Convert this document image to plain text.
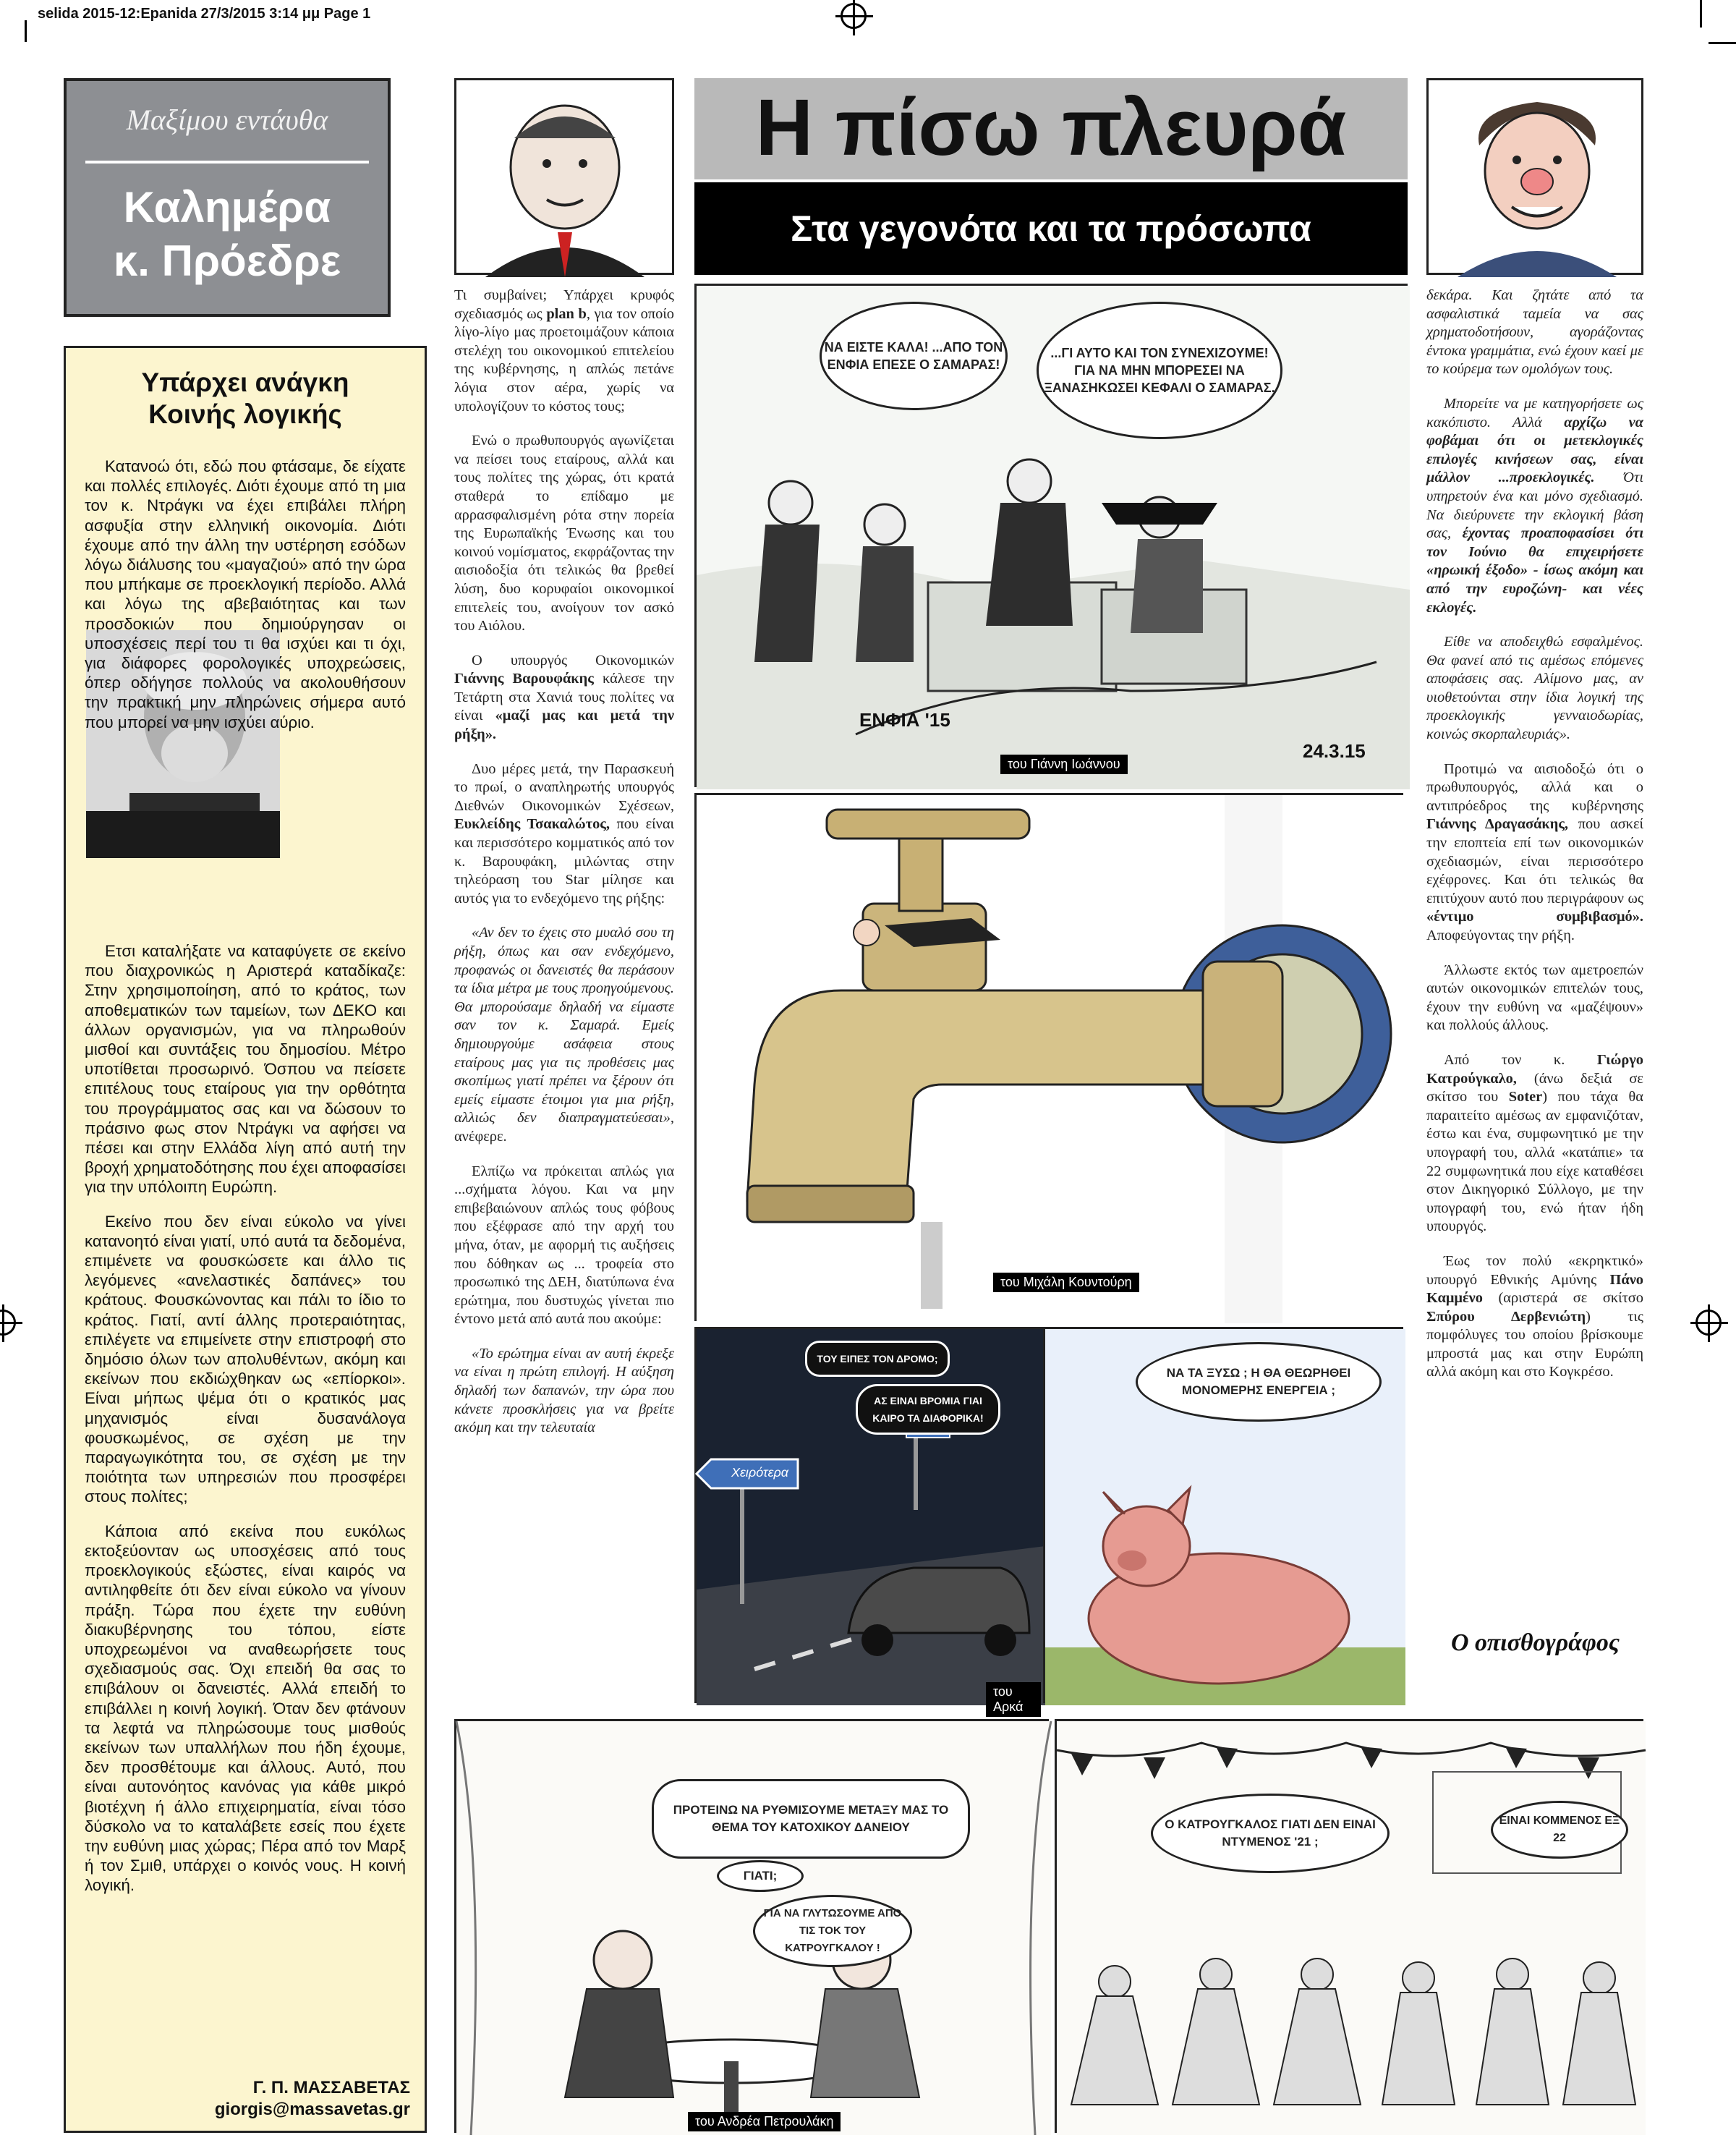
selida 2015-12:Epanida 27/3/2015 3:14 μμ Page 1
Μαξίμου εντάυθα
Καλημέρα
κ. Πρόεδρε
Υπάρχει ανάγκη
Κοινής λογικής

Κατανοώ ότι, εδώ που φτάσαμε, δε είχατε και πολλές επιλογές. Διότι έχουμε από τη μια τον κ. Ντράγκι να έχει επιβάλει πλήρη ασφυξία στην ελληνική οικονομία. Διότι έχουμε από την άλλη την υστέρηση εσόδων λόγω διάλυσης του «μαγαζιού» από την ώρα που μπήκαμε σε προεκλογική περίοδο. Αλλά και λόγω της αβεβαιότητας και των προσδοκιών που δημιούργησαν οι υποσχέσεις περί του τι θα ισχύει και τι όχι, για διάφορες φορολογικές υποχρεώσεις, όπερ οδήγησε πολλούς να ακολουθήσουν την πρακτική μην πληρώνεις σήμερα αυτό που μπορεί να μην ισχύει αύριο.

Ετσι καταλήξατε να καταφύγετε σε εκείνο που διαχρονικώς η Αριστερά καταδίκαζε: Στην χρησιμοποίηση, από το κράτος, των αποθεματικών των ταμείων, των ΔΕΚΟ και άλλων οργανισμών, για να πληρωθούν μισθοί και συντάξεις του δημοσίου. Μέτρο υποτίθεται προσωρινό. Όσπου να πείσετε επιτέλους τους εταίρους για την ορθότητα του προγράμματος σας και να δώσουν το πράσινο φως στον Ντράγκι να αφήσει να πέσει και στην Ελλάδα λίγη από αυτή την βροχή χρηματοδότησης που έχει αποφασίσει για την υπόλοιπη Ευρώπη.

Εκείνο που δεν είναι εύκολο να γίνει κατανοητό είναι γιατί, υπό αυτά τα δεδομένα, επιμένετε να φουσκώσετε και άλλο τις λεγόμενες «ανελαστικές δαπάνες» του κράτους. Φουσκώνοντας και πάλι το ίδιο το κράτος. Γιατί, αντί άλλης προτεραιότητας, επιλέγετε να επιμείνετε στην επιστροφή στο δημόσιο όλων των απολυθέντων, ακόμη και εκείνων που εκδιώχθηκαν ως «επίορκοι». Είναι μήπως ψέμα ότι ο κρατικός μας μηχανισμός είναι δυσανάλογα φουσκωμένος, σε σχέση με την παραγωγικότητα του, σε σχέση με την ποιότητα των υπηρεσιών που προσφέρει στους πολίτες;

Κάποια από εκείνα που ευκόλως εκτοξεύονταν ως υποσχέσεις από τους προεκλογικούς εξώστες, είναι καιρός να αντιληφθείτε ότι δεν είναι εύκολο να γίνουν πράξη. Τώρα που έχετε την ευθύνη διακυβέρνησης του τόπου, είστε υποχρεωμένοι να αναθεωρήσετε τους σχεδιασμούς σας. Όχι επειδή θα σας το επιβάλουν οι δανειστές. Αλλά επειδή το επιβάλλει η κοινή λογική. Όταν δεν φτάνουν τα λεφτά να πληρώσουμε τους μισθούς εκείνων των υπαλλήλων που ήδη έχουμε, δεν προσθέτουμε και άλλους. Αυτό, που είναι αυτονόητος κανόνας για κάθε μικρό βιοτέχνη ή άλλο επιχειρηματία, είναι τόσο δύσκολο να το καταλάβετε εσείς που έχετε την ευθύνη μιας χώρας; Πέρα από τον Μαρξ ή τον Σμιθ, υπάρχει ο κοινός νους. Η κοινή λογική.

Γ. Π. ΜΑΣΣΑΒΕΤΑΣ
giorgis@massavetas.gr
Η πίσω πλευρά
Στα γεγονότα και τα πρόσωπα

Τι συμβαίνει; Υπάρχει κρυφός σχεδιασμός ως plan b, για τον οποίο λίγο-λίγο μας προετοιμάζουν κάποια στελέχη του οικονομικού επιτελείου της κυβέρνησης, η απλώς πετάνε λόγια στον αέρα, χωρίς να υπολογίζουν το κόστος τους;

Ενώ ο πρωθυπουργός αγωνίζεται να πείσει τους εταίρους, αλλά και τους πολίτες της χώρας, ότι κρατά σταθερά το επίδαμο με αρρασφαλισμένη ρότα στην πορεία της Ευρωπαϊκής Ένωσης και του κοινού νομίσματος, εκφράζοντας την αισιοδοξία ότι τελικώς θα βρεθεί λύση, δυο κορυφαίοι οικονομικοί επιτελείς του, ανοίγουν τον ασκό του Αιόλου.

Ο υπουργός Οικονομικών Γιάννης Βαρουφάκης κάλεσε την Τετάρτη στα Χανιά τους πολίτες να είναι «μαζί μας και μετά την ρήξη».

Δυο μέρες μετά, την Παρασκευή το πρωί, ο αναπληρωτής υπουργός Διεθνών Οικονομικών Σχέσεων, Ευκλείδης Τσακαλώτος, που είναι και περισσότερο κομματικός από τον κ. Βαρουφάκη, μιλώντας στην τηλεόραση του Star μίλησε και αυτός για το ενδεχόμενο της ρήξης:

«Αν δεν το έχεις στο μυαλό σου τη ρήξη, όπως και σαν ενδεχόμενο, προφανώς οι δανειστές θα περάσουν τα ίδια μέτρα με τους προηγούμενους. Θα μπορούσαμε δηλαδή να είμαστε σαν τον κ. Σαμαρά. Εμείς δημιουργούμε ασάφεια στους εταίρους μας για τις προθέσεις μας σκοπίμως γιατί πρέπει να ξέρουν ότι εμείς είμαστε έτοιμοι για μια ρήξη, αλλιώς δεν διαπραγματεύεσαι», ανέφερε.

Ελπίζω να πρόκειται απλώς για ...σχήματα λόγου. Και να μην επιβεβαιώνουν απλώς τους φόβους που εξέφρασε από την αρχή του μήνα, όταν, με αφορμή τις αυξήσεις που δόθηκαν ως ... τροφεία στο προσωπικό της ΔΕΗ, διατύπωνα ένα ερώτημα, που δυστυχώς γίνεται πιο έντονο μετά από αυτά που ακούμε:

«Το ερώτημα είναι αν αυτή έκρεξε να είναι η πρώτη επιλογή. Η αύξηση δηλαδή των δαπανών, την ώρα που κάνετε προσκλήσεις για να βρείτε ακόμη και την τελευταία

δεκάρα. Και ζητάτε από τα ασφαλιστικά ταμεία να σας χρηματοδοτήσουν, αγοράζοντας έντοκα γραμμάτια, ενώ έχουν καεί με το κούρεμα των ομολόγων τους.

Μπορείτε να με κατηγορήσετε ως κακόπιστο. Αλλά αρχίζω να φοβάμαι ότι οι μετεκλογικές επιλογές κινήσεων σας, είναι μάλλον ...προεκλογικές. Ότι υπηρετούν ένα και μόνο σχεδιασμό. Να διεύρυνετε την εκλογική βάση σας, έχοντας προαποφασίσει ότι τον Ιούνιο θα επιχειρήσετε «ηρωική έξοδο» - ίσως ακόμη και από την ευροζώνη- και νέες εκλογές.

Είθε να αποδειχθώ εσφαλμένος. Θα φανεί από τις αμέσως επόμενες αποφάσεις σας. Αλίμονο μας, αν υιοθετούνται στην ίδια λογική της προεκλογικής γενναιοδωρίας, κοινώς σκορπαλευριάς».

Προτιμώ να αισιοδοξώ ότι ο πρωθυπουργός, αλλά και ο αντιπρόεδρος της κυβέρνησης Γιάννης Δραγασάκης, που ασκεί την εποπτεία επί των οικονομικών σχεδιασμών, είναι περισσότερο εχέφρονες. Και ότι τελικώς θα επιτύχουν αυτό που περιγράφουν ως «έντιμο συμβιβασμό». Αποφεύγοντας την ρήξη.

Άλλωστε εκτός των αμετροεπών αυτών οικονομικών επιτελών τους, έχουν την ευθύνη να «μαζέψουν» και πολλούς άλλους.

Από τον κ. Γιώργο Κατρούγκαλο, (άνω δεξιά σε σκίτσο του Soter) που τάχα θα παραιτείτο αμέσως αν εμφανιζόταν, έστω και ένα, συμφωνητικό με την υπογραφή του, αλλά «κατάπιε» τα 22 συμφωνητικά που είχε καταθέσει στον Δικηγορικό Σύλλογο, με την υπογραφή του, ενώ ήταν ήδη υπουργός.

Έως τον πολύ «εκρηκτικό» υπουργό Εθνικής Αμύνης Πάνο Καμμένο (αριστερά σε σκίτσο Σπύρου Δερβενιώτη) τις πομφόλυγες του οποίου βρίσκουμε μπροστά μας και στην Ευρώπη αλλά ακόμη και στο Κογκρέσο.

Ο οπισθογράφος
ΝΑ ΕΙΣΤΕ ΚΑΛΑ! ...ΑΠΟ ΤΟΝ ΕΝΦΙΑ ΕΠΕΣΕ Ο ΣΑΜΑΡΑΣ!
...ΓΙ ΑΥΤΟ ΚΑΙ ΤΟΝ ΣΥΝΕΧΙΖΟΥΜΕ! ΓΙΑ ΝΑ ΜΗΝ ΜΠΟΡΕΣΕΙ ΝΑ ΞΑΝΑΣΗΚΩΣΕΙ ΚΕΦΑΛΙ Ο ΣΑΜΑΡΑΣ.
ΕΝΦΙΑ '15
24.3.15
του Γιάννη Ιωάννου
του Μιχάλη Κουντούρη
ΤΟΥ ΕΙΠΕΣ ΤΟΝ ΔΡΟΜΟ;
ΑΣ ΕΙΝΑΙ ΒΡΟΜΙΑ ΓΙΑΙ ΚΑΙΡΟ ΤΑ ΔΙΑΦΟΡΙΚΑ!
Χειρότερα
του Αρκά
ΝΑ ΤΑ ΞΥΣΩ ; Η ΘΑ ΘΕΩΡΗΘΕΙ ΜΟΝΟΜΕΡΗΣ ΕΝΕΡΓΕΙΑ ;
ΠΡΟΤΕΙΝΩ ΝΑ ΡΥΘΜΙΣΟΥΜΕ ΜΕΤΑΞΥ ΜΑΣ ΤΟ ΘΕΜΑ ΤΟΥ ΚΑΤΟΧΙΚΟΥ ΔΑΝΕΙΟΥ
ΓΙΑΤΙ;
ΓΙΑ ΝΑ ΓΛΥΤΩΣΟΥΜΕ ΑΠΟ ΤΙΣ ΤΟΚ ΤΟΥ ΚΑΤΡΟΥΓΚΑΛΟΥ !
του Ανδρέα Πετρουλάκη
Ο ΚΑΤΡΟΥΓΚΑΛΟΣ ΓΙΑΤΙ ΔΕΝ ΕΙΝΑΙ ΝΤΥΜΕΝΟΣ '21 ;
ΕΙΝΑΙ ΚΟΜΜΕΝΟΣ ΕΞ 22
